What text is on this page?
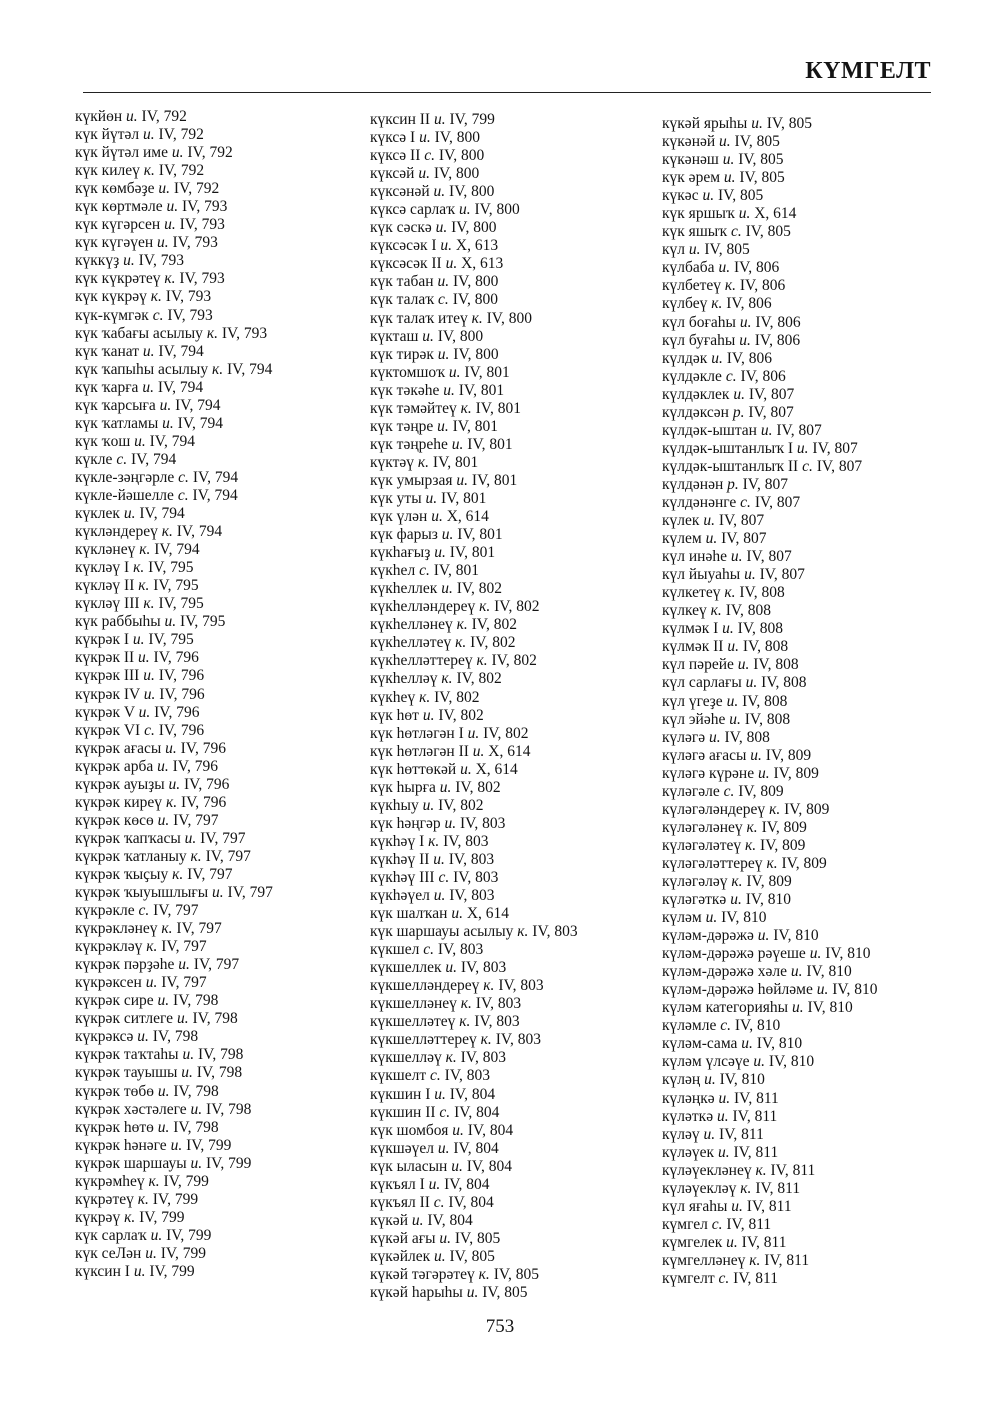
КҮМГЕЛТ
күкйөн и. IV, 792
күк йүтәл и. IV, 792
күк йүтәл име и. IV, 792
күк килеү к. IV, 792
күк көмбәҙе и. IV, 792
күк көртмәле и. IV, 793
күк күгәрсен и. IV, 793
күк күгәүен и. IV, 793
күккүҙ и. IV, 793
күк күкрәтеү к. IV, 793
күк күкрәү к. IV, 793
күк-күмгәк с. IV, 793
күк ҡабағы асылыу к. IV, 793
күк ҡанат и. IV, 794
күк ҡапыһы асылыу к. IV, 794
күк ҡарға и. IV, 794
күк ҡарсыға и. IV, 794
күк ҡатламы и. IV, 794
күк ҡош и. IV, 794
күкле с. IV, 794
күкле-зәңгәрле с. IV, 794
күкле-йәшелле с. IV, 794
күклек и. IV, 794
күкләндереү к. IV, 794
күкләнеү к. IV, 794
күкләү I к. IV, 795
күкләү II к. IV, 795
күкләү III к. IV, 795
күк раббыһы и. IV, 795
күкрәк I и. IV, 795
күкрәк II и. IV, 796
күкрәк III и. IV, 796
күкрәк IV и. IV, 796
күкрәк V и. IV, 796
күкрәк VI с. IV, 796
күкрәк ағасы и. IV, 796
күкрәк арба и. IV, 796
күкрәк ауыҙы и. IV, 796
күкрәк киреү к. IV, 796
күкрәк көсө и. IV, 797
күкрәк ҡапҡасы и. IV, 797
күкрәк ҡатланыу к. IV, 797
күкрәк ҡыҫыу к. IV, 797
күкрәк ҡыуышлығы и. IV, 797
күкрәкле с. IV, 797
күкрәкләнеү к. IV, 797
күкрәкләү к. IV, 797
күкрәк пәрҙәһе и. IV, 797
күкрәксен и. IV, 797
күкрәк сире и. IV, 798
күкрәк ситлеге и. IV, 798
күкрәксә и. IV, 798
күкрәк таҡтаһы и. IV, 798
күкрәк тауышы и. IV, 798
күкрәк төбө и. IV, 798
күкрәк хәстәлеге и. IV, 798
күкрәк һөтө и. IV, 798
күкрәк һәнәге и. IV, 799
күкрәк шаршауы и. IV, 799
күкрәмһеү к. IV, 799
күкрәтеү к. IV, 799
күкрәү к. IV, 799
күк сарлаҡ и. IV, 799
күк сеЛән и. IV, 799
күксин I и. IV, 799
күксин II и. IV, 799
күксә I и. IV, 800
күксә II с. IV, 800
күксәй и. IV, 800
күксәнәй и. IV, 800
күксә сарлаҡ и. IV, 800
күк сәскә и. IV, 800
күксәсәк I и. X, 613
күксәсәк II и. X, 613
күк табан и. IV, 800
күк талаҡ с. IV, 800
күк талаҡ итеү к. IV, 800
күкташ и. IV, 800
күк тирәк и. IV, 800
күктомшоҡ и. IV, 801
күк тәкәһе и. IV, 801
күк тәмәйтеү к. IV, 801
күк тәңре и. IV, 801
күк тәңреһе и. IV, 801
күктәү к. IV, 801
күк умырзая и. IV, 801
күк уты и. IV, 801
күк үлән и. X, 614
күк фарыз и. IV, 801
күкһағыҙ и. IV, 801
күкһел с. IV, 801
күкһеллек и. IV, 802
күкһелләндереү к. IV, 802
күкһелләнеү к. IV, 802
күкһелләтеү к. IV, 802
күкһелләттереү к. IV, 802
күкһелләү к. IV, 802
күкһеү к. IV, 802
күк һөт и. IV, 802
күк һөтләгән I и. IV, 802
күк һөтләгән II и. X, 614
күк һөттөкәй и. X, 614
күк һырға и. IV, 802
күкһыу и. IV, 802
күк һәңгәр и. IV, 803
күкһәү I к. IV, 803
күкһәү II и. IV, 803
күкһәү III с. IV, 803
күкһәүел и. IV, 803
күк шалҡан и. X, 614
күк шаршауы асылыу к. IV, 803
күкшел с. IV, 803
күкшеллек и. IV, 803
күкшелләндереү к. IV, 803
күкшелләнеү к. IV, 803
күкшелләтеү к. IV, 803
күкшелләттереү к. IV, 803
күкшелләү к. IV, 803
күкшелт с. IV, 803
күкшин I и. IV, 804
күкшин II с. IV, 804
күк шомбоя и. IV, 804
күкшәүел и. IV, 804
күк ыласын и. IV, 804
күкъял I и. IV, 804
күкъял II с. IV, 804
күкәй и. IV, 804
күкәй ағы и. IV, 805
күкәйлек и. IV, 805
күкәй тәгәрәтеү к. IV, 805
күкәй һарыһы и. IV, 805
күкәй ярыһы и. IV, 805
күкәнәй и. IV, 805
күкәнәш и. IV, 805
күк әрем и. IV, 805
күкәс и. IV, 805
күк яршыҡ и. X, 614
күк яшыҡ с. IV, 805
күл и. IV, 805
күлбаба и. IV, 806
күлбетеү к. IV, 806
күлбеү к. IV, 806
күл боғаһы и. IV, 806
күл буғаһы и. IV, 806
күлдәк и. IV, 806
күлдәкле с. IV, 806
күлдәклек и. IV, 807
күлдәксән р. IV, 807
күлдәк-ыштан и. IV, 807
күлдәк-ыштанлыҡ I и. IV, 807
күлдәк-ыштанлыҡ II с. IV, 807
күлдәнән р. IV, 807
күлдәнәнге с. IV, 807
күлек и. IV, 807
күлем и. IV, 807
күл инәһе и. IV, 807
күл йыуаһы и. IV, 807
күлкетеү к. IV, 808
күлкеү к. IV, 808
күлмәк I и. IV, 808
күлмәк II и. IV, 808
күл пәрейе и. IV, 808
күл сарлағы и. IV, 808
күл үгеҙе и. IV, 808
күл эйәһе и. IV, 808
күләгә и. IV, 808
күләгә ағасы и. IV, 809
күләгә күрәне и. IV, 809
күләгәле с. IV, 809
күләгәләндереү к. IV, 809
күләгәләнеү к. IV, 809
күләгәләтеү к. IV, 809
күләгәләттереү к. IV, 809
күләгәләү к. IV, 809
күләгәткә и. IV, 810
күләм и. IV, 810
күләм-дәрәжә и. IV, 810
күләм-дәрәжә рәүеше и. IV, 810
күләм-дәрәжә хәле и. IV, 810
күләм-дәрәжә һөйләме и. IV, 810
күләм категорияһы и. IV, 810
күләмле с. IV, 810
күләм-сама и. IV, 810
күләм үлсәүе и. IV, 810
күләң и. IV, 810
күләңкә и. IV, 811
күләткә и. IV, 811
күләү и. IV, 811
күләүек и. IV, 811
күләүекләнеү к. IV, 811
күләүекләү к. IV, 811
күл яғаһы и. IV, 811
күмгел с. IV, 811
күмгелек и. IV, 811
күмгелләнеү к. IV, 811
күмгелт с. IV, 811
753
